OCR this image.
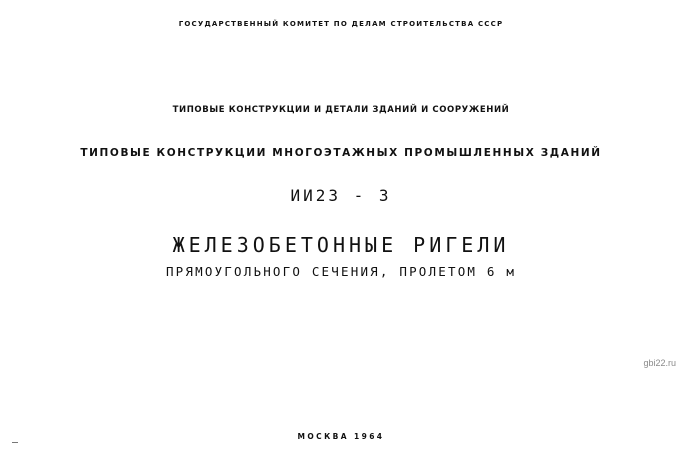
ГОСУДАРСТВЕННЫЙ КОМИТЕТ ПО ДЕЛАМ СТРОИТЕЛЬСТВА СССР
ТИПОВЫЕ КОНСТРУКЦИИ И ДЕТАЛИ ЗДАНИЙ И СООРУЖЕНИЙ
ТИПОВЫЕ КОНСТРУКЦИИ МНОГОЭТАЖНЫХ ПРОМЫШЛЕННЫХ ЗДАНИЙ
ИИ23 - 3
ЖЕЛЕЗОБЕТОННЫЕ РИГЕЛИ
ПРЯМОУГОЛЬНОГО СЕЧЕНИЯ, ПРОЛЕТОМ 6 м
МОСКВА 1964
gbi22.ru
